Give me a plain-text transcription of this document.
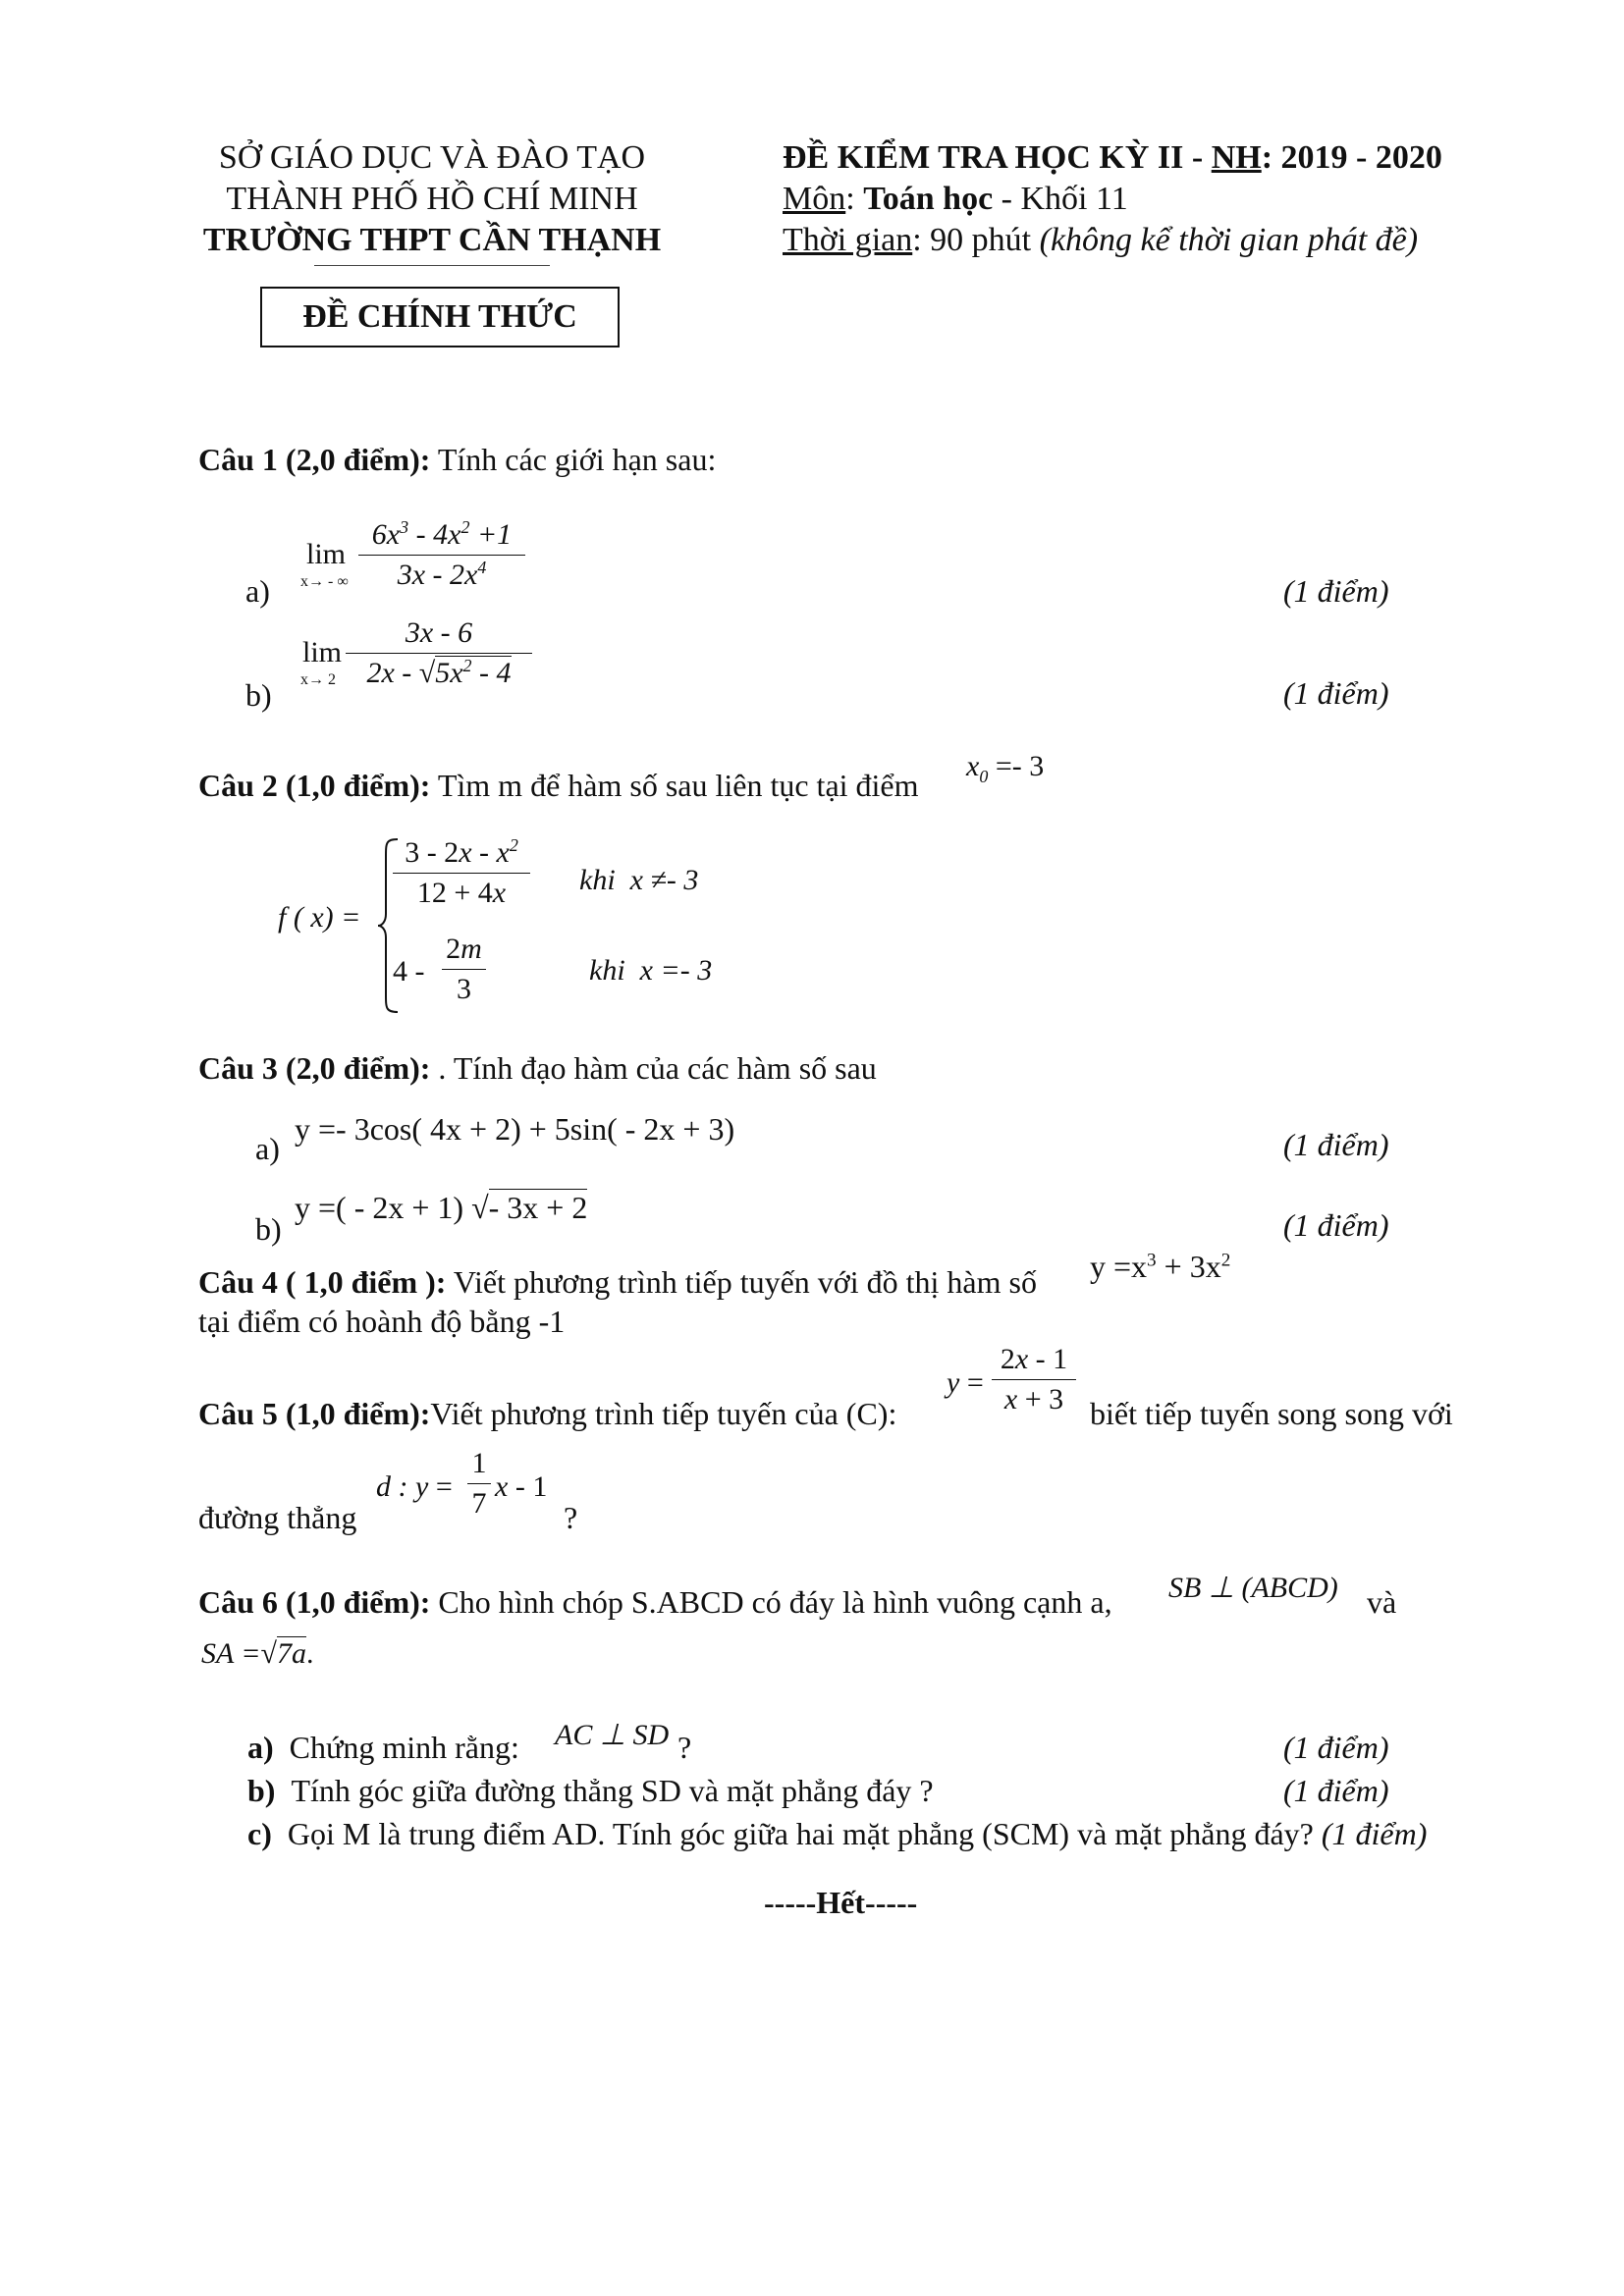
SỞ GIÁO DỤC VÀ ĐÀO TẠO
THÀNH PHỐ HỒ CHÍ MINH
TRƯỜNG THPT CẦN THẠNH
ĐỀ CHÍNH THỨC
ĐỀ KIỂM TRA HỌC KỲ II - NH: 2019 - 2020
Môn: Toán học - Khối 11
Thời gian: 90 phút (không kể thời gian phát đề)
Câu 1 (2,0 điểm): Tính các giới hạn sau:
a)
lim
x→ - ∞
$6x^3 - 4x^2 +1$
$3x - 2x^4$
(1 điểm)
b)
lim
x→ 2
3x - 6
$2x - √5x^2 - 4$
(1 điểm)
Câu 2 (1,0 điểm): Tìm m để hàm số sau liên tục tại điểm
$x_0 =- 3$
f ( x) =
$3 - 2x - x^2$
12 + 4x	khi x ≠- 3
4 -
2m
3
khi x =- 3
Câu 3 (2,0 điểm): . Tính đạo hàm của các hàm số sau
a)
y =- 3cos( 4x + 2) + 5sin( - 2x + 3)	(1 điểm)
b)
y =( - 2x + 1) √- 3x + 2	(1 điểm)
Câu 4 ( 1,0 điểm ): Viết phương trình tiếp tuyến với đồ thị hàm số $y =x^3 + 3x^2$
tại điểm có hoành độ bằng -1
Câu 5 (1,0 điểm):Viết phương trình tiếp tuyến của (C):
y =
2x - 1
x + 3 biết tiếp tuyến song song với
đường thẳng
d : y =
1
7
x - 1
?
Câu 6 (1,0 điểm): Cho hình chóp S.ABCD có đáy là hình vuông cạnh a, SB ⊥ (ABCD) và
SA =√7a.
a) Chứng minh rằng: AC ⊥ SD ?	(1 điểm)
b) Tính góc giữa đường thẳng SD và mặt phẳng đáy ?	(1 điểm)
c) Gọi M là trung điểm AD. Tính góc giữa hai mặt phẳng (SCM) và mặt phẳng đáy? (1 điểm)
-----Hết-----
